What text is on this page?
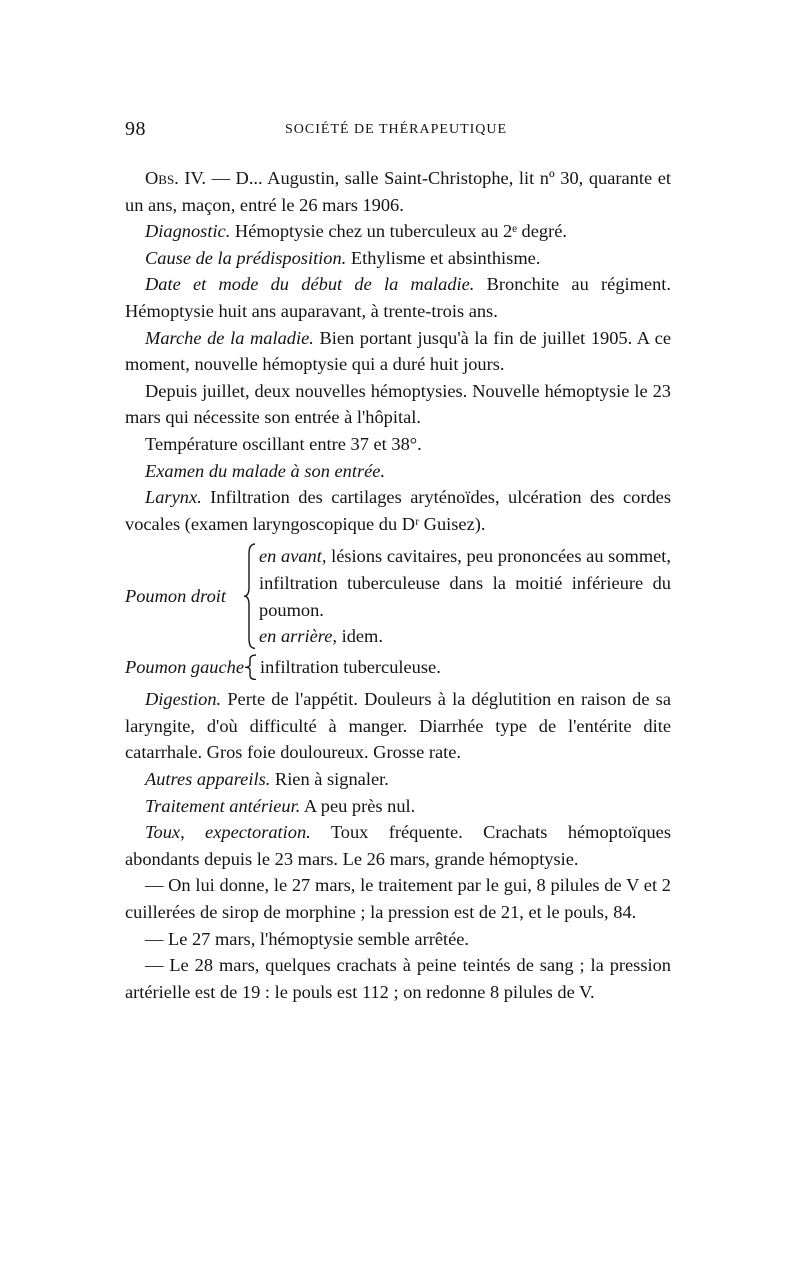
98	SOCIÉTÉ DE THÉRAPEUTIQUE

Obs. IV. — D... Augustin, salle Saint-Christophe, lit nº 30, quarante et un ans, maçon, entré le 26 mars 1906.

Diagnostic. Hémoptysie chez un tuberculeux au 2ᵉ degré.

Cause de la prédisposition. Ethylisme et absinthisme.

Date et mode du début de la maladie. Bronchite au régiment. Hémoptysie huit ans auparavant, à trente-trois ans.

Marche de la maladie. Bien portant jusqu'à la fin de juillet 1905. A ce moment, nouvelle hémoptysie qui a duré huit jours.

Depuis juillet, deux nouvelles hémoptysies. Nouvelle hémoptysie le 23 mars qui nécessite son entrée à l'hôpital.

Température oscillant entre 37 et 38°.

Examen du malade à son entrée.

Larynx. Infiltration des cartilages aryténoïdes, ulcération des cordes vocales (examen laryngoscopique du Dʳ Guisez).

Poumon droit
en avant, lésions cavitaires, peu prononcées au sommet, infiltration tuberculeuse dans la moitié inférieure du poumon.
en arrière, idem.
Poumon gauche infiltration tuberculeuse.

Digestion. Perte de l'appétit. Douleurs à la déglutition en raison de sa laryngite, d'où difficulté à manger. Diarrhée type de l'entérite dite catarrhale. Gros foie douloureux. Grosse rate.

Autres appareils. Rien à signaler.

Traitement antérieur. A peu près nul.

Toux, expectoration. Toux fréquente. Crachats hémoptoïques abondants depuis le 23 mars. Le 26 mars, grande hémoptysie.

— On lui donne, le 27 mars, le traitement par le gui, 8 pilules de V et 2 cuillerées de sirop de morphine ; la pression est de 21, et le pouls, 84.

— Le 27 mars, l'hémoptysie semble arrêtée.

— Le 28 mars, quelques crachats à peine teintés de sang ; la pression artérielle est de 19 : le pouls est 112 ; on redonne 8 pilules de V.
